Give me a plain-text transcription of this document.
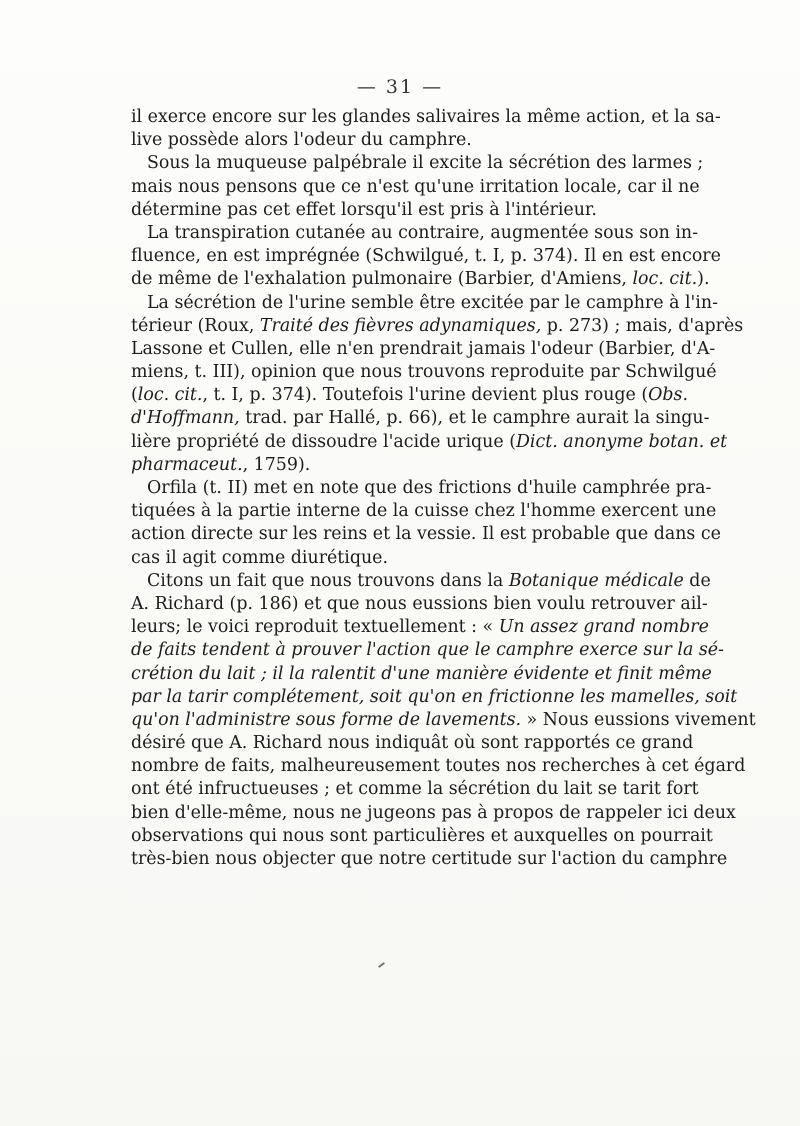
— 31 —
il exerce encore sur les glandes salivaires la même action, et la sa-
live possède alors l'odeur du camphre.
Sous la muqueuse palpébrale il excite la sécrétion des larmes ;
mais nous pensons que ce n'est qu'une irritation locale, car il ne
détermine pas cet effet lorsqu'il est pris à l'intérieur.
La transpiration cutanée au contraire, augmentée sous son in-
fluence, en est imprégnée (Schwilgué, t. I, p. 374). Il en est encore
de même de l'exhalation pulmonaire (Barbier, d'Amiens, loc. cit.).
La sécrétion de l'urine semble être excitée par le camphre à l'in-
térieur (Roux, Traité des fièvres adynamiques, p. 273) ; mais, d'après
Lassone et Cullen, elle n'en prendrait jamais l'odeur (Barbier, d'A-
miens, t. III), opinion que nous trouvons reproduite par Schwilgué
(loc. cit., t. I, p. 374). Toutefois l'urine devient plus rouge (Obs.
d'Hoffmann, trad. par Hallé, p. 66), et le camphre aurait la singu-
lière propriété de dissoudre l'acide urique (Dict. anonyme botan. et
pharmaceut., 1759).
Orfila (t. II) met en note que des frictions d'huile camphrée pra-
tiquées à la partie interne de la cuisse chez l'homme exercent une
action directe sur les reins et la vessie. Il est probable que dans ce
cas il agit comme diurétique.
Citons un fait que nous trouvons dans la Botanique médicale de
A. Richard (p. 186) et que nous eussions bien voulu retrouver ail-
leurs; le voici reproduit textuellement : « Un assez grand nombre
de faits tendent à prouver l'action que le camphre exerce sur la sé-
crétion du lait ; il la ralentit d'une manière évidente et finit même
par la tarir complétement, soit qu'on en frictionne les mamelles, soit
qu'on l'administre sous forme de lavements. » Nous eussions vivement
désiré que A. Richard nous indiquât où sont rapportés ce grand
nombre de faits, malheureusement toutes nos recherches à cet égard
ont été infructueuses ; et comme la sécrétion du lait se tarit fort
bien d'elle-même, nous ne jugeons pas à propos de rappeler ici deux
observations qui nous sont particulières et auxquelles on pourrait
très-bien nous objecter que notre certitude sur l'action du camphre
